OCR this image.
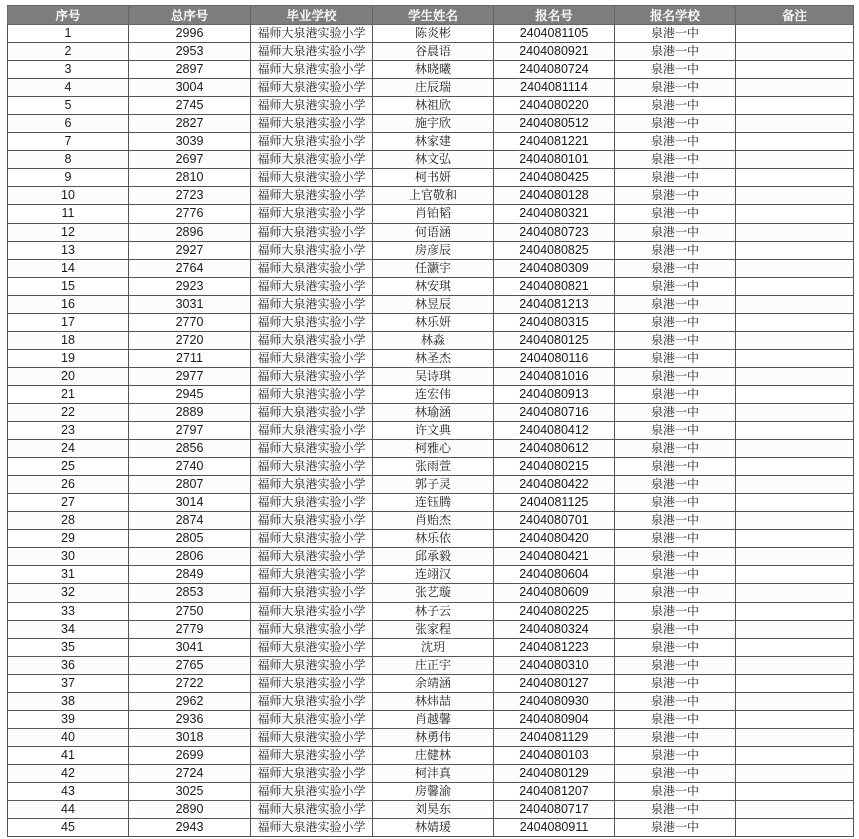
序号	总序号	毕业学校	学生姓名	报名号	报名学校	备注
1	2996	福师大泉港实验小学	陈炎彬	2404081105	泉港一中	
2	2953	福师大泉港实验小学	谷晨语	2404080921	泉港一中	
3	2897	福师大泉港实验小学	林晓曦	2404080724	泉港一中	
4	3004	福师大泉港实验小学	庄辰瑞	2404081114	泉港一中	
5	2745	福师大泉港实验小学	林祖欣	2404080220	泉港一中	
6	2827	福师大泉港实验小学	施宇欣	2404080512	泉港一中	
7	3039	福师大泉港实验小学	林家建	2404081221	泉港一中	
8	2697	福师大泉港实验小学	林文弘	2404080101	泉港一中	
9	2810	福师大泉港实验小学	柯书妍	2404080425	泉港一中	
10	2723	福师大泉港实验小学	上官敬和	2404080128	泉港一中	
11	2776	福师大泉港实验小学	肖铂韬	2404080321	泉港一中	
12	2896	福师大泉港实验小学	何语涵	2404080723	泉港一中	
13	2927	福师大泉港实验小学	房彦辰	2404080825	泉港一中	
14	2764	福师大泉港实验小学	任灏宇	2404080309	泉港一中	
15	2923	福师大泉港实验小学	林安琪	2404080821	泉港一中	
16	3031	福师大泉港实验小学	林昱辰	2404081213	泉港一中	
17	2770	福师大泉港实验小学	林乐妍	2404080315	泉港一中	
18	2720	福师大泉港实验小学	林淼	2404080125	泉港一中	
19	2711	福师大泉港实验小学	林圣杰	2404080116	泉港一中	
20	2977	福师大泉港实验小学	吴诗琪	2404081016	泉港一中	
21	2945	福师大泉港实验小学	连宏伟	2404080913	泉港一中	
22	2889	福师大泉港实验小学	林瑜涵	2404080716	泉港一中	
23	2797	福师大泉港实验小学	许文典	2404080412	泉港一中	
24	2856	福师大泉港实验小学	柯雅心	2404080612	泉港一中	
25	2740	福师大泉港实验小学	张雨萱	2404080215	泉港一中	
26	2807	福师大泉港实验小学	郭子灵	2404080422	泉港一中	
27	3014	福师大泉港实验小学	连钰腾	2404081125	泉港一中	
28	2874	福师大泉港实验小学	肖贻杰	2404080701	泉港一中	
29	2805	福师大泉港实验小学	林乐依	2404080420	泉港一中	
30	2806	福师大泉港实验小学	邱承毅	2404080421	泉港一中	
31	2849	福师大泉港实验小学	连翊汉	2404080604	泉港一中	
32	2853	福师大泉港实验小学	张艺璇	2404080609	泉港一中	
33	2750	福师大泉港实验小学	林子云	2404080225	泉港一中	
34	2779	福师大泉港实验小学	张家程	2404080324	泉港一中	
35	3041	福师大泉港实验小学	沈玥	2404081223	泉港一中	
36	2765	福师大泉港实验小学	庄正宇	2404080310	泉港一中	
37	2722	福师大泉港实验小学	余靖涵	2404080127	泉港一中	
38	2962	福师大泉港实验小学	林炜喆	2404080930	泉港一中	
39	2936	福师大泉港实验小学	肖越馨	2404080904	泉港一中	
40	3018	福师大泉港实验小学	林勇伟	2404081129	泉港一中	
41	2699	福师大泉港实验小学	庄健林	2404080103	泉港一中	
42	2724	福师大泉港实验小学	柯沣真	2404080129	泉港一中	
43	3025	福师大泉港实验小学	房馨渝	2404081207	泉港一中	
44	2890	福师大泉港实验小学	刘昊东	2404080717	泉港一中	
45	2943	福师大泉港实验小学	林婧瑗	2404080911	泉港一中	
